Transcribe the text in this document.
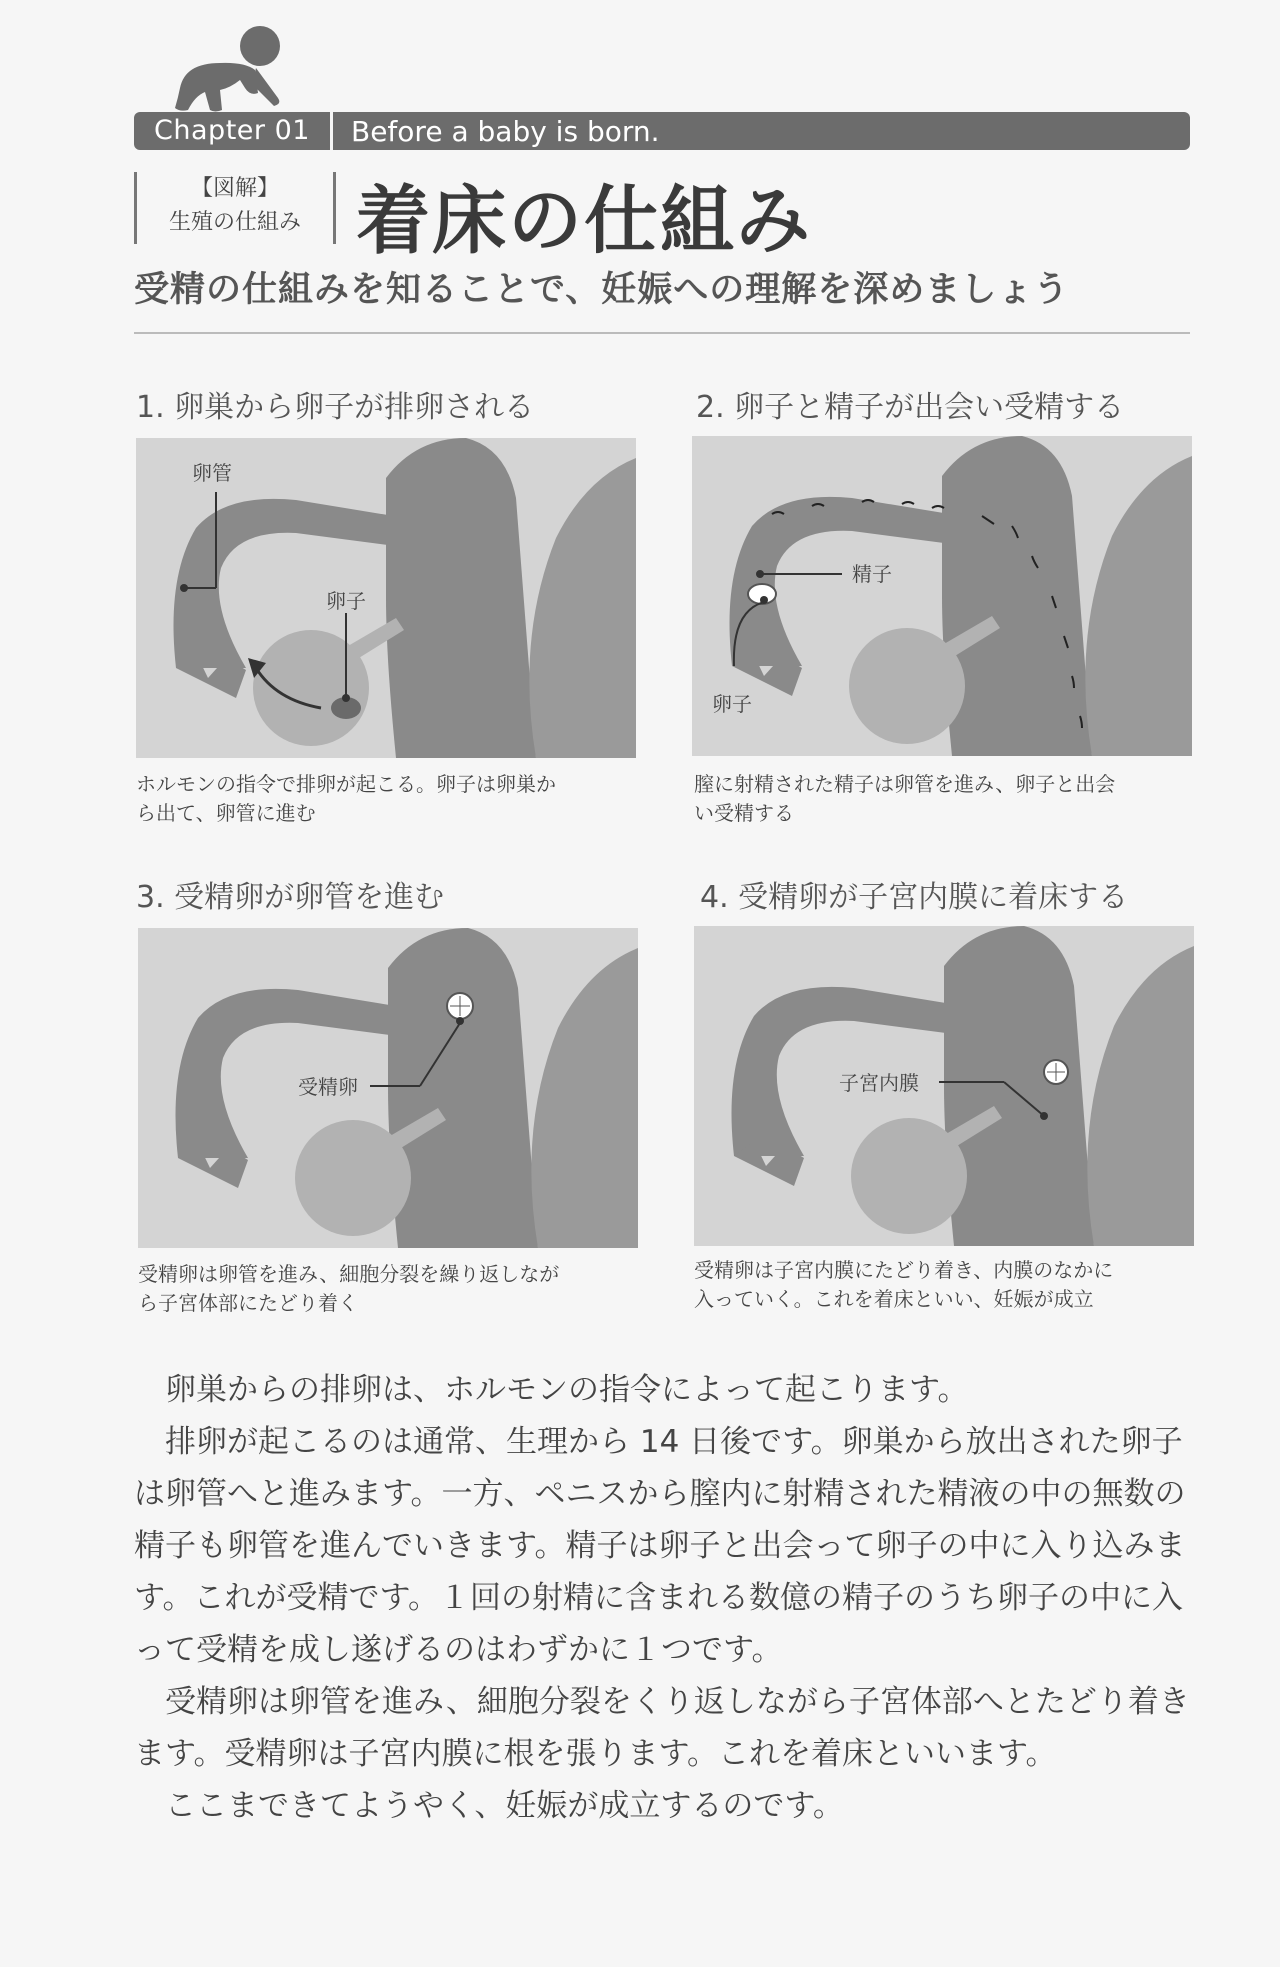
Chapter 01	Before a baby is born.
【図解】
生殖の仕組み 着床の仕組み
受精の仕組みを知ることで、妊娠への理解を深めましょう
1. 卵巣から卵子が排卵される
卵管
卵子
ホルモンの指令で排卵が起こる。卵子は卵巣か
ら出て、卵管に進む
2. 卵子と精子が出会い受精する
精子
卵子
膣に射精された精子は卵管を進み、卵子と出会
い受精する
3. 受精卵が卵管を進む
受精卵
受精卵は卵管を進み、細胞分裂を繰り返しなが
ら子宮体部にたどり着く
4. 受精卵が子宮内膜に着床する
子宮内膜
受精卵は子宮内膜にたどり着き、内膜のなかに
入っていく。これを着床といい、妊娠が成立

卵巣からの排卵は、ホルモンの指令によって起こります。

排卵が起こるのは通常、生理から 14 日後です。卵巣から放出された卵子は卵管へと進みます。一方、ペニスから膣内に射精された精液の中の無数の精子も卵管を進んでいきます。精子は卵子と出会って卵子の中に入り込みます。これが受精です。１回の射精に含まれる数億の精子のうち卵子の中に入って受精を成し遂げるのはわずかに１つです。

受精卵は卵管を進み、細胞分裂をくり返しながら子宮体部へとたどり着きます。受精卵は子宮内膜に根を張ります。これを着床といいます。

ここまできてようやく、妊娠が成立するのです。
